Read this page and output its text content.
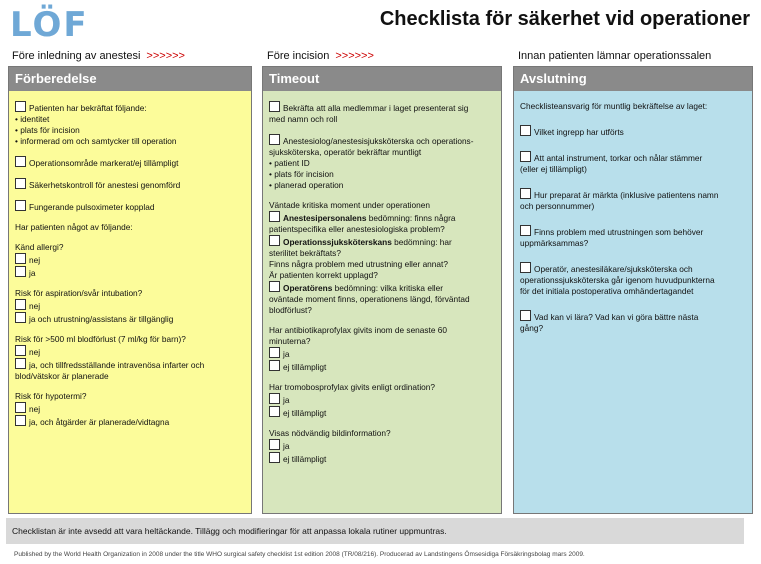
LÖF	Checklista för säkerhet vid operationer
Före inledning av anestesi >>>>>>	Före incision >>>>>>	Innan patienten lämnar operationssalen
Förberedelse
Patienten har bekräftat följande:
• identitet
• plats för incision
• informerad om och samtycker till operation
Operationsområde markerat/ej tillämpligt
Säkerhetskontroll för anestesi genomförd
Fungerande pulsoximeter kopplad
Har patienten något av följande:
Känd allergi?
nej
ja
Risk för aspiration/svår intubation?
nej
ja och utrustning/assistans är tillgänglig
Risk för >500 ml blodförlust (7 ml/kg för barn)?
nej
ja, och tillfredsställande intravenösa infarter och
blod/vätskor är planerade
Risk för hypotermi?
nej
ja, och åtgärder är planerade/vidtagna
Timeout
Bekräfta att alla medlemmar i laget presenterat sig
med namn och roll
Anestesiolog/anestesisjuksköterska och operations-
sjuksköterska, operatör bekräftar muntligt
• patient ID
• plats för incision
• planerad operation
Väntade kritiska moment under operationen
Anestesipersonalens bedömning: finns några
patientspecifika eller anestesiologiska problem?
Operationssjuksköterskans bedömning: har
sterilitet bekräftats?
Finns några problem med utrustning eller annat?
Är patienten korrekt upplagd?
Operatörens bedömning: vilka kritiska eller
oväntade moment finns, operationens längd, förväntad
blodförlust?
Har antibiotikaprofylax givits inom de senaste 60
minuterna?
ja
ej tillämpligt
Har tromobosprofylax givits enligt ordination?
ja
ej tillämpligt
Visas nödvändig bildinformation?
ja
ej tillämpligt
Avslutning
Checklisteansvarig för muntlig bekräftelse av laget:
Vilket ingrepp har utförts
Att antal instrument, torkar och nålar stämmer
(eller ej tillämpligt)
Hur preparat är märkta (inklusive patientens namn
och personnummer)
Finns problem med utrustningen som behöver
uppmärksammas?
Operatör, anestesiläkare/sjuksköterska och
operationssjuksköterska går igenom huvudpunkterna
för det initiala postoperativa omhändertagandet
Vad kan vi lära? Vad kan vi göra bättre nästa
gång?
Checklistan är inte avsedd att vara heltäckande. Tillägg och modifieringar för att anpassa lokala rutiner uppmuntras.
Published by the World Health Organization in 2008 under the title WHO surgical safety checklist 1st edition 2008 (TR/08/216). Producerad av Landstingens Ömsesidiga Försäkringsbolag mars 2009.
